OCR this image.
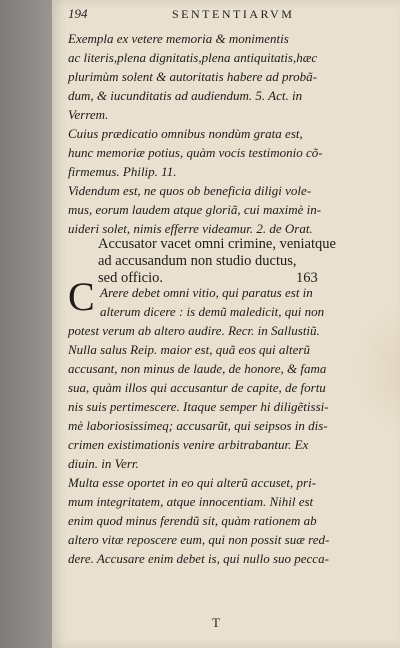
194	SENTENTIARVM
Exempla ex vetere memoria & monimentis
ac literis,plena dignitatis,plena antiquitatis,hæc
plurimùm solent & autoritatis habere ad probã-
dum, & iucunditatis ad audiendum. 5. Act. in
Verrem.
Cuius prædicatio omnibus nondùm grata est,
hunc memoriæ potius, quàm vocis testimonio cõ-
firmemus. Philip. 11.
Videndum est, ne quos ob beneficia diligi vole-
mus, eorum laudem atque gloriã, cui maximè in-
uideri solet, nimis efferre videamur. 2. de Orat.
Accusator vacet omni crimine, veniatque
ad accusandum non studio ductus,
sed officio.	163
C Arere debet omni vitio, qui paratus est in
alterum dicere : is demũ maledicit, qui non
potest verum ab altero audire. Recr. in Sallustiũ.
Nulla salus Reip. maior est, quã eos qui alterũ
accusant, non minus de laude, de honore, & fama
sua, quàm illos qui accusantur de capite, de fortu
nis suis pertimescere. Itaque semper hi diligẽtissi-
mè laboriosissimeq; accusarũt, qui seipsos in dis-
crimen existimationis venire arbitrabantur. Ex
diuin. in Verr.
Multa esse oportet in eo qui alterũ accuset, pri-
mum integritatem, atque innocentiam. Nihil est
enim quod minus ferendũ sit, quàm rationem ab
altero vitæ reposcere eum, qui non possit suæ red-
dere. Accusare enim debet is, qui nullo suo pecca-
T
